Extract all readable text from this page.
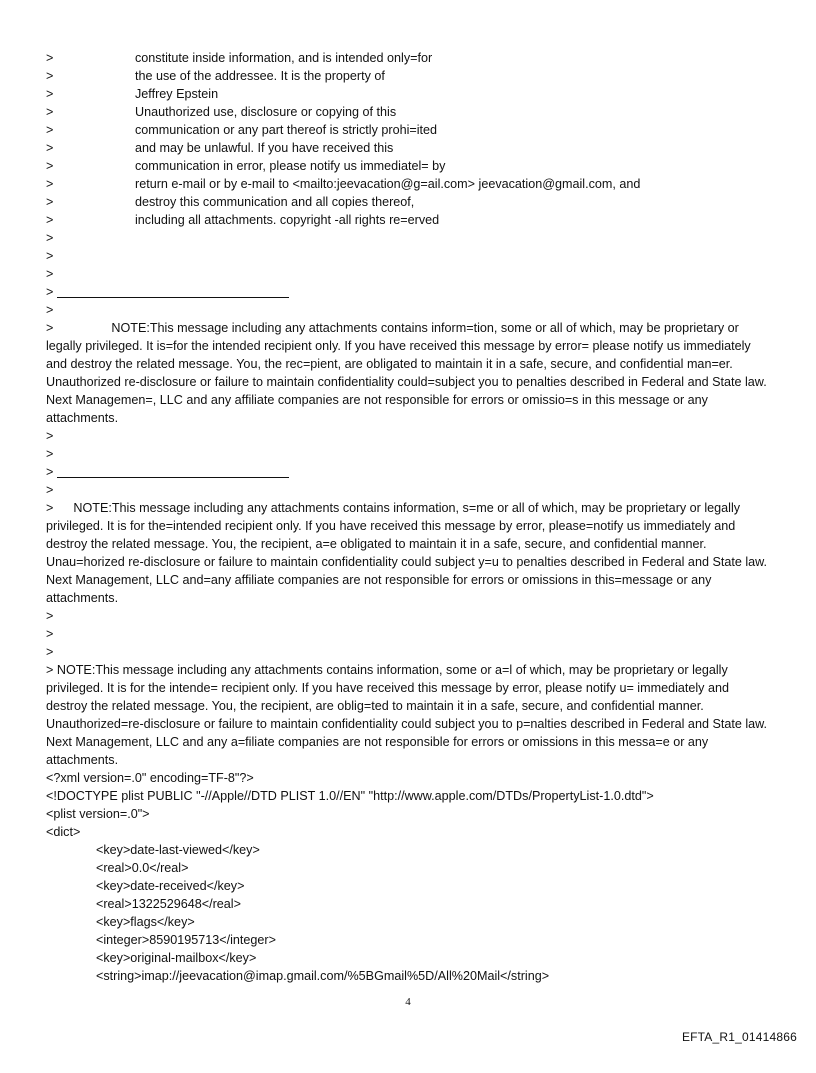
>	constitute inside information, and is intended only=for
>	the use of the addressee. It is the property of
>	Jeffrey Epstein
>	Unauthorized use, disclosure or copying of this
>	communication or any part thereof is strictly prohi=ited
>	and may be unlawful. If you have received this
>	communication in error, please notify us immediatel= by
>	return e-mail or by e-mail to <mailto:jeevacation@g=ail.com> jeevacation@gmail.com, and
>	destroy this communication and all copies thereof,
>	including all attachments. copyright -all rights re=erved
>
>
>
>
>
>	NOTE:This message including any attachments contains inform=tion, some or all of which, may be proprietary or legally privileged. It is=for the intended recipient only. If you have received this message by error= please notify us immediately and destroy the related message. You, the rec=pient, are obligated to maintain it in a safe, secure, and confidential man=er. Unauthorized re-disclosure or failure to maintain confidentiality could=subject you to penalties described in Federal and State law. Next Managemen=, LLC and any affiliate companies are not responsible for errors or omissio=s in this message or any attachments.
>
>
>
>
> NOTE:This message including any attachments contains information, s=me or all of which, may be proprietary or legally privileged. It is for the=intended recipient only. If you have received this message by error, please=notify us immediately and destroy the related message. You, the recipient, a=e obligated to maintain it in a safe, secure, and confidential manner. Unau=horized re-disclosure or failure to maintain confidentiality could subject y=u to penalties described in Federal and State law. Next Management, LLC and=any affiliate companies are not responsible for errors or omissions in this=message or any attachments.
>
>
>
> NOTE:This message including any attachments contains information, some or a=l of which, may be proprietary or legally privileged. It is for the intende= recipient only. If you have received this message by error, please notify u= immediately and destroy the related message. You, the recipient, are oblig=ted to maintain it in a safe, secure, and confidential manner. Unauthorized=re-disclosure or failure to maintain confidentiality could subject you to p=nalties described in Federal and State law. Next Management, LLC and any a=filiate companies are not responsible for errors or omissions in this messa=e or any attachments.
<?xml version=.0" encoding=TF-8"?>
<!DOCTYPE plist PUBLIC "-//Apple//DTD PLIST 1.0//EN" "http://www.apple.com/DTDs/PropertyList-1.0.dtd">
<plist version=.0">
<dict>
<key>date-last-viewed</key>
<real>0.0</real>
<key>date-received</key>
<real>1322529648</real>
<key>flags</key>
<integer>8590195713</integer>
<key>original-mailbox</key>
<string>imap://jeevacation@imap.gmail.com/%5BGmail%5D/All%20Mail</string>
4
EFTA_R1_01414866
